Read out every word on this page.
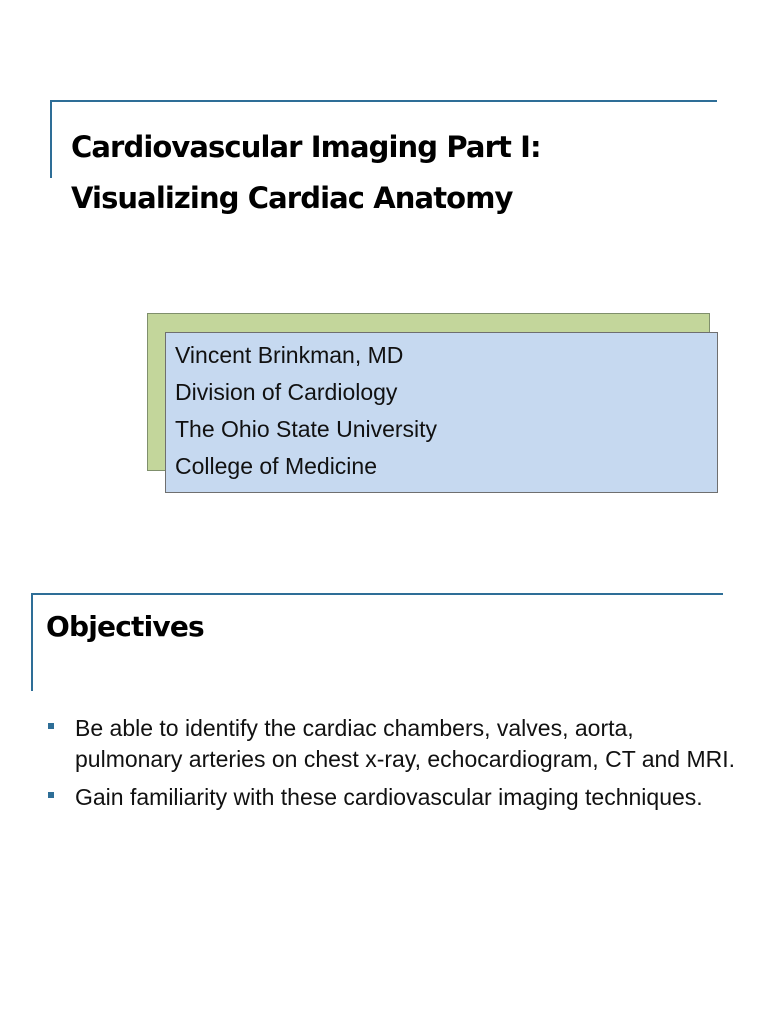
Cardiovascular Imaging Part I:
Visualizing Cardiac Anatomy
Vincent Brinkman, MD
Division of Cardiology
The Ohio State University
College of Medicine
Objectives
Be able to identify the cardiac chambers, valves, aorta, pulmonary arteries on chest x-ray, echocardiogram, CT and MRI.
Gain familiarity with these cardiovascular imaging techniques.
